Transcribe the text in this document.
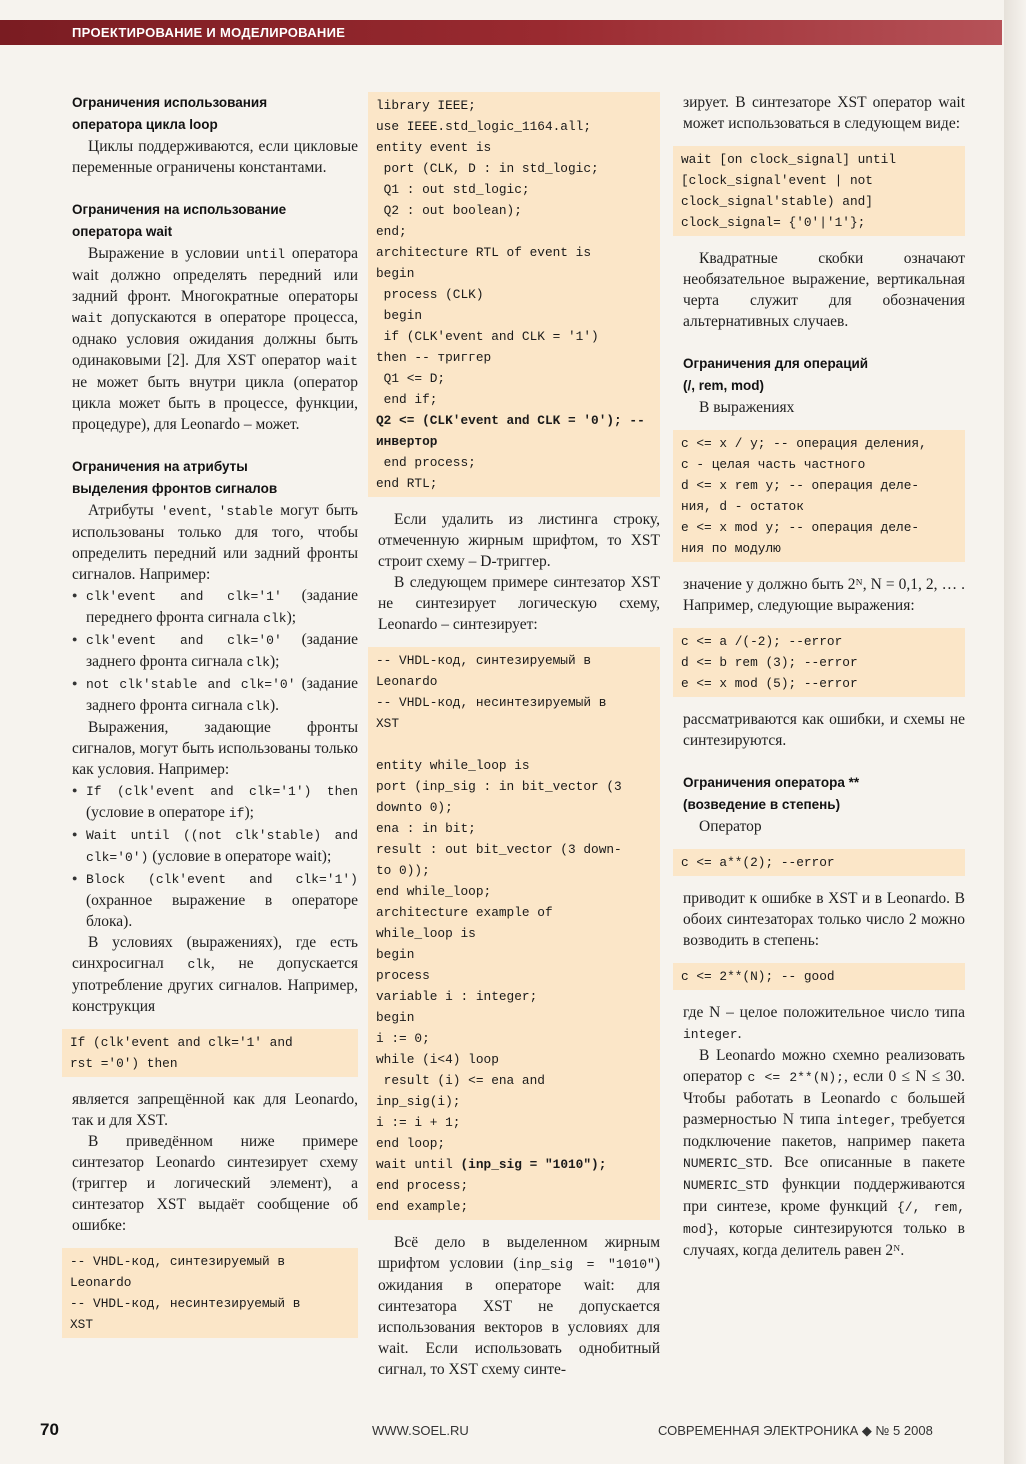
ПРОЕКТИРОВАНИЕ И МОДЕЛИРОВАНИЕ
Ограничения использования
оператора цикла loop

Циклы поддерживаются, если цикловые переменные ограничены константами.

Ограничения на использование
оператора wait

Выражение в условии until оператора wait должно определять передний или задний фронт. Многократные операторы wait допускаются в операторе процесса, однако условия ожидания должны быть одинаковыми [2]. Для XST оператор wait не может быть внутри цикла (оператор цикла может быть в процессе, функции, процедуре), для Leonardo – может.

Ограничения на атрибуты
выделения фронтов сигналов

Атрибуты 'event, 'stable могут быть использованы только для того, чтобы определить передний или задний фронты сигналов. Например:

● clk'event and clk='1' (задание переднего фронта сигнала clk);
● clk'event and clk='0' (задание заднего фронта сигнала clk);
● not clk'stable and clk='0' (задание заднего фронта сигнала clk).

Выражения, задающие фронты сигналов, могут быть использованы только как условия. Например:

● If (clk'event and clk='1') then (условие в операторе if);
● Wait until ((not clk'stable) and clk='0') (условие в операторе wait);
● Block (clk'event and clk='1') (охранное выражение в операторе блока).

В условиях (выражениях), где есть синхросигнал clk, не допускается употребление других сигналов. Например, конструкция

If (clk'event and clk='1' and
rst ='0') then

является запрещённой как для Leonardo, так и для XST.

В приведённом ниже примере синтезатор Leonardo синтезирует схему (триггер и логический элемент), а синтезатор XST выдаёт сообщение об ошибке:

-- VHDL-код, синтезируемый в
Leonardo
-- VHDL-код, несинтезируемый в
XST
library IEEE;
use IEEE.std_logic_1164.all;
entity event is
port (CLK, D : in std_logic;
Q1 : out std_logic;
Q2 : out boolean);
end;
architecture RTL of event is
begin
process (CLK)
begin
if (CLK'event and CLK = '1')
then -- триггер
Q1 <= D;
end if;
Q2 <= (CLK'event and CLK = '0'); --
инвертор
end process;
end RTL;

Если удалить из листинга строку, отмеченную жирным шрифтом, то XST строит схему – D-триггер.

В следующем примере синтезатор XST не синтезирует логическую схему, Leonardo – синтезирует:

-- VHDL-код, синтезируемый в
Leonardo
-- VHDL-код, несинтезируемый в
XST

entity while_loop is
port (inp_sig : in bit_vector (3
downto 0);
ena : in bit;
result : out bit_vector (3 down-
to 0));
end while_loop;
architecture example of
while_loop is
begin
process
variable i : integer;
begin
i := 0;
while (i<4) loop
result (i) <= ena and
inp_sig(i);
i := i + 1;
end loop;
wait until (inp_sig = "1010");
end process;
end example;

Всё дело в выделенном жирным шрифтом условии (inp_sig = "1010") ожидания в операторе wait: для синтезатора XST не допускается использования векторов в условиях для wait. Если использовать однобитный сигнал, то XST схему синте-

зирует. В синтезаторе XST оператор wait может использоваться в следующем виде:

wait [on clock_signal] until
[clock_signal'event | not
clock_signal'stable) and]
clock_signal= {'0'|'1'};

Квадратные скобки означают необязательное выражение, вертикальная черта служит для обозначения альтернативных случаев.

Ограничения для операций
(/, rem, mod)

В выражениях

c <= x / y; -- операция деления,
c - целая часть частного
d <= x rem y; -- операция деле-
ния, d - остаток
e <= x mod y; -- операция деле-
ния по модулю

значение y должно быть 2ᴺ, N = 0,1, 2, … . Например, следующие выражения:

c <= a /(-2); --error
d <= b rem (3); --error
e <= x mod (5); --error

рассматриваются как ошибки, и схемы не синтезируются.

Ограничения оператора **
(возведение в степень)

Оператор

c <= a**(2); --error

приводит к ошибке в XST и в Leonardo. В обоих синтезаторах только число 2 можно возводить в степень:

c <= 2**(N); -- good

где N – целое положительное число типа integer.

В Leonardo можно схемно реализовать оператор c <= 2**(N);, если 0 ≤ N ≤ 30. Чтобы работать в Leonardo с большей размерностью N типа integer, требуется подключение пакетов, например пакета NUMERIC_STD. Все описанные в пакете NUMERIC_STD функции поддерживаются при синтезе, кроме функций {/, rem, mod}, которые синтезируются только в случаях, когда делитель равен 2ᴺ.

70	WWW.SOEL.RU	СОВРЕМЕННАЯ ЭЛЕКТРОНИКА ◆ № 5 2008
